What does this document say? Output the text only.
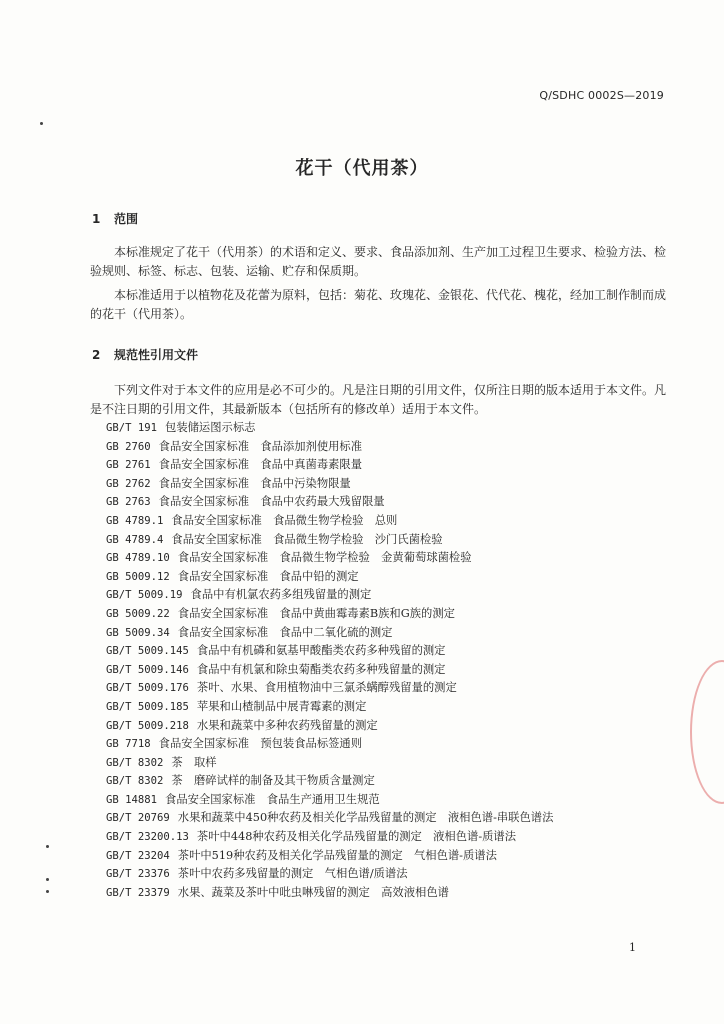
Q/SDHC 0002S—2019
花干（代用茶）
1 范围

本标准规定了花干（代用茶）的术语和定义、要求、食品添加剂、生产加工过程卫生要求、检验方法、检验规则、标签、标志、包装、运输、贮存和保质期。

本标准适用于以植物花及花蕾为原料，包括：菊花、玫瑰花、金银花、代代花、槐花，经加工制作制而成的花干（代用茶）。

2 规范性引用文件

下列文件对于本文件的应用是必不可少的。凡是注日期的引用文件，仅所注日期的版本适用于本文件。凡是不注日期的引用文件，其最新版本（包括所有的修改单）适用于本文件。

GB/T 191 包装储运图示标志
GB 2760 食品安全国家标准　食品添加剂使用标准
GB 2761 食品安全国家标准　食品中真菌毒素限量
GB 2762 食品安全国家标准　食品中污染物限量
GB 2763 食品安全国家标准　食品中农药最大残留限量
GB 4789.1 食品安全国家标准　食品微生物学检验　总则
GB 4789.4 食品安全国家标准　食品微生物学检验　沙门氏菌检验
GB 4789.10 食品安全国家标准　食品微生物学检验　金黄葡萄球菌检验
GB 5009.12 食品安全国家标准　食品中铅的测定
GB/T 5009.19 食品中有机氯农药多组残留量的测定
GB 5009.22 食品安全国家标准　食品中黄曲霉毒素B族和G族的测定
GB 5009.34 食品安全国家标准　食品中二氧化硫的测定
GB/T 5009.145 食品中有机磷和氨基甲酸酯类农药多种残留的测定
GB/T 5009.146 食品中有机氯和除虫菊酯类农药多种残留量的测定
GB/T 5009.176 茶叶、水果、食用植物油中三氯杀螨醇残留量的测定
GB/T 5009.185 苹果和山楂制品中展青霉素的测定
GB/T 5009.218 水果和蔬菜中多种农药残留量的测定
GB 7718 食品安全国家标准　预包装食品标签通则
GB/T 8302 茶　取样
GB/T 8302 茶　磨碎试样的制备及其干物质含量测定
GB 14881 食品安全国家标准　食品生产通用卫生规范
GB/T 20769 水果和蔬菜中450种农药及相关化学品残留量的测定　液相色谱-串联色谱法
GB/T 23200.13 茶叶中448种农药及相关化学品残留量的测定　液相色谱-质谱法
GB/T 23204 茶叶中519种农药及相关化学品残留量的测定　气相色谱-质谱法
GB/T 23376 茶叶中农药多残留量的测定　气相色谱/质谱法
GB/T 23379 水果、蔬菜及茶叶中吡虫啉残留的测定　高效液相色谱
1
